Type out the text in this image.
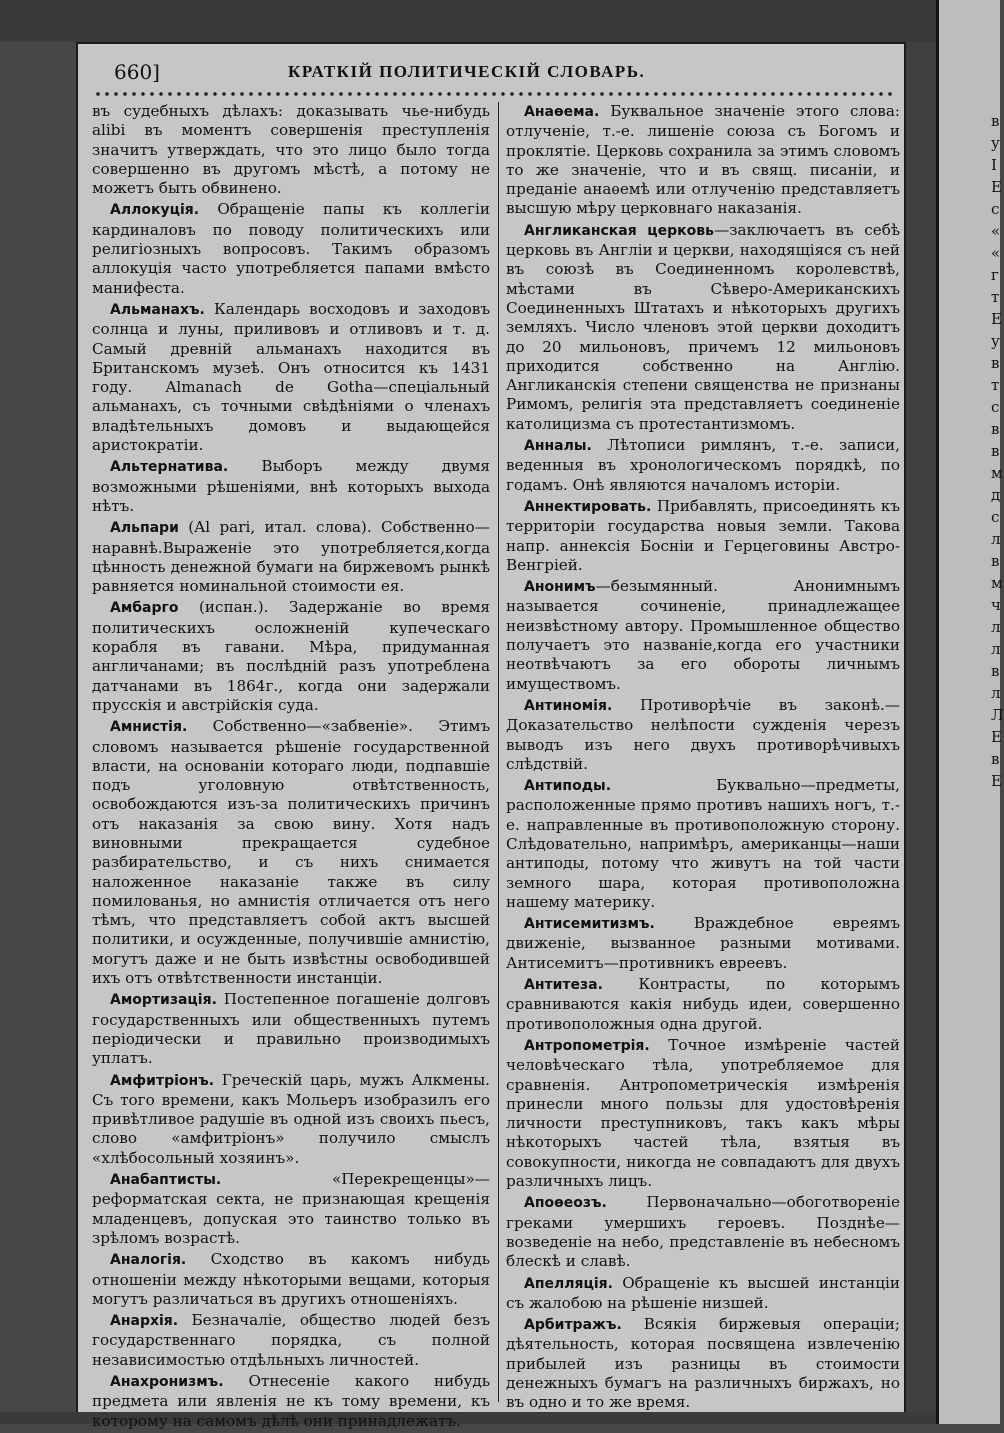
660]	КРАТКІЙ ПОЛИТИЧЕСКІЙ СЛОВАРЬ.

въ судебныхъ дѣлахъ: доказывать чье-нибудь alibi въ моментъ совершенія преступленія значитъ утверждать, что это лицо было тогда совершенно въ другомъ мѣстѣ, а потому не можетъ быть обвинено.

Аллокуція. Обращеніе папы къ коллегіи кардиналовъ по поводу политическихъ или религіозныхъ вопросовъ. Такимъ образомъ аллокуція часто употребляется папами вмѣсто манифеста.

Альманахъ. Календарь восходовъ и заходовъ солнца и луны, приливовъ и отливовъ и т. д. Самый древній альманахъ находится въ Британскомъ музеѣ. Онъ относится къ 1431 году. Almanach de Gotha—спеціальный альманахъ, съ точными свѣдѣніями о членахъ владѣтельныхъ домовъ и выдающейся аристократіи.

Альтернатива. Выборъ между двумя возможными рѣшеніями, внѣ которыхъ выхода нѣтъ.

Альпари (Al pari, итал. слова). Собственно—наравнѣ.Выраженіе это употребляется,когда цѣнность денежной бумаги на биржевомъ рынкѣ равняется номинальной стоимости ея.

Амбарго (испан.). Задержаніе во время политическихъ осложненій купеческаго корабля въ гавани. Мѣра, придуманная англичанами; въ послѣдній разъ употреблена датчанами въ 1864г., когда они задержали прусскія и австрійскія суда.

Амнистія. Собственно—«забвеніе». Этимъ словомъ называется рѣшеніе государственной власти, на основаніи котораго люди, подпавшіе подъ уголовную отвѣтственность, освобождаются изъ-за политическихъ причинъ отъ наказанія за свою вину. Хотя надъ виновными прекращается судебное разбирательство, и съ нихъ снимается наложенное наказаніе также въ силу помилованья, но амнистія отличается отъ него тѣмъ, что представляетъ собой актъ высшей политики, и осужденные, получившіе амнистію, могутъ даже и не быть извѣстны освободившей ихъ отъ отвѣтственности инстанціи.

Амортизація. Постепенное погашеніе долговъ государственныхъ или общественныхъ путемъ періодически и правильно производимыхъ уплатъ.

Амфитріонъ. Греческій царь, мужъ Алкмены. Съ того времени, какъ Мольеръ изобразилъ его привѣтливое радушіе въ одной изъ своихъ пьесъ, слово «амфитріонъ» получило смыслъ «хлѣбосольный хозяинъ».

Анабаптисты. «Перекрещенцы»—реформатская секта, не признающая крещенія младенцевъ, допуская это таинство только въ зрѣломъ возрастѣ.

Аналогія. Сходство въ какомъ нибудь отношеніи между нѣкоторыми вещами, которыя могутъ различаться въ другихъ отношеніяхъ.

Анархія. Безначаліе, общество людей безъ государственнаго порядка, съ полной независимостью отдѣльныхъ личностей.

Анахронизмъ. Отнесеніе какого нибудь предмета или явленія не къ тому времени, къ которому на самомъ дѣлѣ они принадлежатъ.

Анаѳема. Буквальное значеніе этого слова: отлученіе, т.-е. лишеніе союза съ Богомъ и проклятіе. Церковь сохранила за этимъ словомъ то же значеніе, что и въ свящ. писаніи, и преданіе анаѳемѣ или отлученію представляетъ высшую мѣру церковнаго наказанія.

Англиканская церковь—заключаетъ въ себѣ церковь въ Англіи и церкви, находящіяся съ ней въ союзѣ въ Соединенномъ королевствѣ, мѣстами въ Сѣверо-Американскихъ Соединенныхъ Штатахъ и нѣкоторыхъ другихъ земляхъ. Число членовъ этой церкви доходитъ до 20 мильоновъ, причемъ 12 мильоновъ приходится собственно на Англію. Англиканскія степени священства не признаны Римомъ, религія эта представляетъ соединеніе католицизма съ протестантизмомъ.

Анналы. Лѣтописи римлянъ, т.-е. записи, веденныя въ хронологическомъ порядкѣ, по годамъ. Онѣ являются началомъ исторіи.

Аннектировать. Прибавлять, присоединять къ территоріи государства новыя земли. Такова напр. аннексія Босніи и Герцеговины Австро-Венгріей.

Анонимъ—безымянный. Анонимнымъ называется сочиненіе, принадлежащее неизвѣстному автору. Промышленное общество получаетъ это названіе,когда его участники неотвѣчаютъ за его обороты личнымъ имуществомъ.

Антиномія. Противорѣчіе въ законѣ.—Доказательство нелѣпости сужденія черезъ выводъ изъ него двухъ противорѣчивыхъ слѣдствій.

Антиподы. Буквально—предметы, расположенные прямо противъ нашихъ ногъ, т.-е. направленные въ противоположную сторону. Слѣдовательно, напримѣръ, американцы—наши антиподы, потому что живутъ на той части земного шара, которая противоположна нашему материку.

Антисемитизмъ. Враждебное евреямъ движеніе, вызванное разными мотивами. Антисемитъ—противникъ евреевъ.

Антитеза. Контрасты, по которымъ сравниваются какія нибудь идеи, совершенно противоположныя одна другой.

Антропометрія. Точное измѣреніе частей человѣческаго тѣла, употребляемое для сравненія. Антропометрическія измѣренія принесли много пользы для удостовѣренія личности преступниковъ, такъ какъ мѣры нѣкоторыхъ частей тѣла, взятыя въ совокупности, никогда не совпадаютъ для двухъ различныхъ лицъ.

Апоѳеозъ. Первоначально—обоготвореніе греками умершихъ героевъ. Позднѣе—возведеніе на небо, представленіе въ небесномъ блескѣ и славѣ.

Апелляція. Обращеніе къ высшей инстанціи съ жалобою на рѣшеніе низшей.

Арбитражъ. Всякія биржевыя операціи; дѣятельность, которая посвящена извлеченію прибылей изъ разницы въ стоимости денежныхъ бумагъ на различныхъ биржахъ, но въ одно и то же время.

в
у
I
Е
с
«
«
г
т
Е
у
в
т
с
в
в
м
д
с
л
в
м
ч
л
л
в
л
Л
Е
в
Е
